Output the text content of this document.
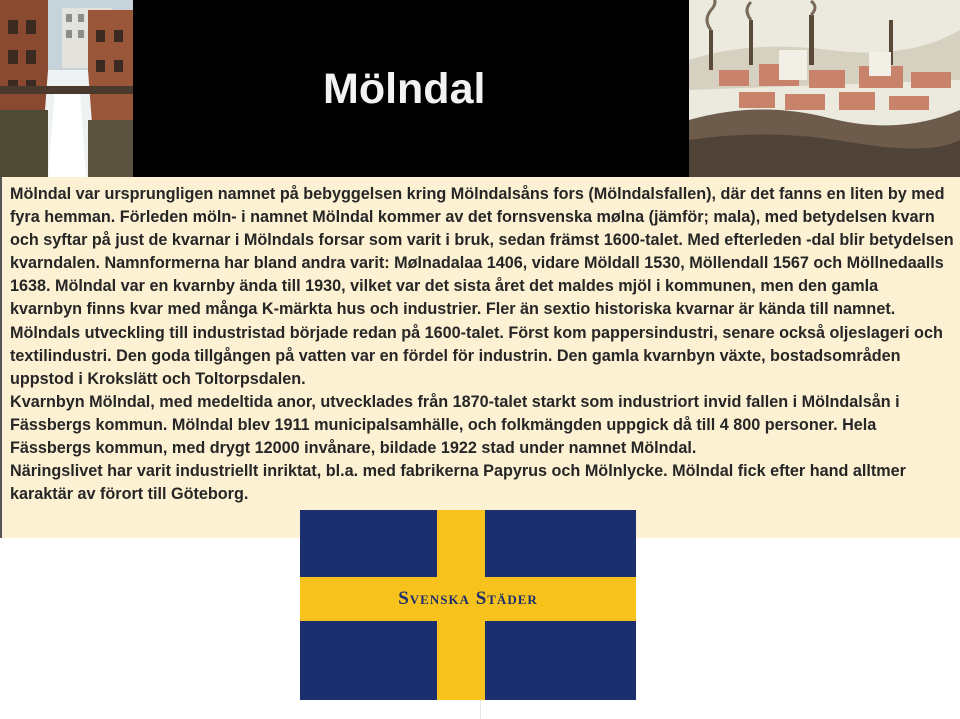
Mölndal

Mölndal var ursprungligen namnet på bebyggelsen kring Mölndalsåns fors (Mölndalsfallen), där det fanns en liten by med fyra hemman. Förleden möln- i namnet Mölndal kommer av det fornsvenska mølna (jämför; mala), med betydelsen kvarn och syftar på just de kvarnar i Mölndals forsar som varit i bruk, sedan främst 1600-talet. Med efterleden -dal blir betydelsen kvarndalen. Namnformerna har bland andra varit: Mølnadalaa 1406, vidare Möldall 1530, Möllendall 1567 och Möllnedaalls 1638. Mölndal var en kvarnby ända till 1930, vilket var det sista året det maldes mjöl i kommunen, men den gamla kvarnbyn finns kvar med många K-märkta hus och industrier. Fler än sextio historiska kvarnar är kända till namnet. Mölndals utveckling till industristad började redan på 1600-talet. Först kom pappersindustri, senare också oljeslageri och textilindustri. Den goda tillgången på vatten var en fördel för industrin. Den gamla kvarnbyn växte, bostadsområden uppstod i Krokslätt och Toltorpsdalen.

Kvarnbyn Mölndal, med medeltida anor, utvecklades från 1870-talet starkt som industriort invid fallen i Mölndalsån i Fässbergs kommun. Mölndal blev 1911 municipalsamhälle, och folkmängden uppgick då till 4 800 personer. Hela Fässbergs kommun, med drygt 12000 invånare, bildade 1922 stad under namnet Mölndal.

Näringslivet har varit industriellt inriktat, bl.a. med fabrikerna Papyrus och Mölnlycke. Mölndal fick efter hand alltmer karaktär av förort till Göteborg.

Svenska Städer
